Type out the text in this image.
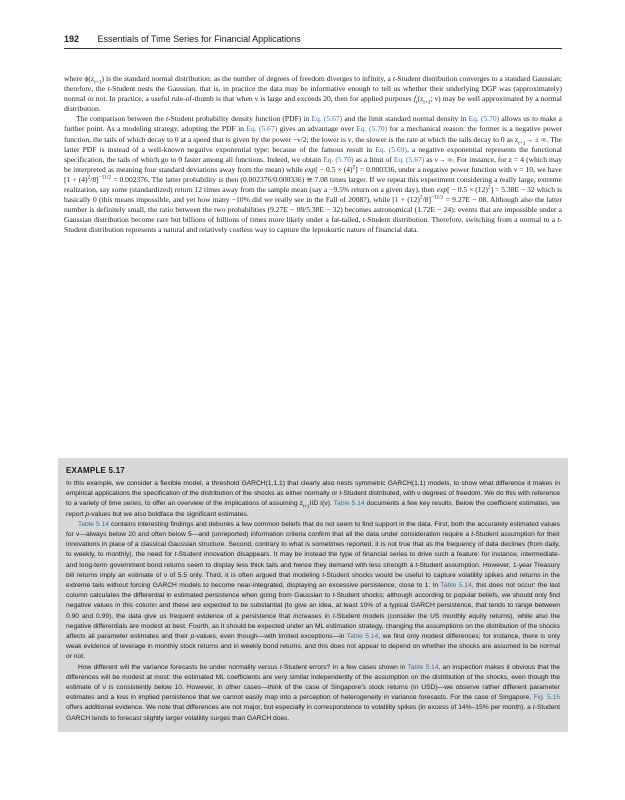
192 Essentials of Time Series for Financial Applications

where $\phi(z_{t+1})$ is the standard normal distribution: as the number of degrees of freedom diverges to infinity, a t-Student distribution converges to a standard Gaussian; therefore, the t-Student nests the Gaussian, that is, in practice the data may be informative enough to tell us whether their underlying DGP was (approximately) normal or not. In practice, a useful rule-of-thumb is that when ν is large and exceeds 20, then for applied purposes $f_t(z_{t+1}$; ν) may be well approximated by a normal distribution.

The comparison between the t-Student probability density function (PDF) in Eq. (5.67) and the limit standard normal density in Eq. (5.70) allows us to make a further point. As a modeling strategy, adopting the PDF in Eq. (5.67) gives an advantage over Eq. (5.70) for a mechanical reason: the former is a negative power function, the tails of which decay to 0 at a speed that is given by the power −ν/2; the lower is ν, the slower is the rate at which the tails decay to 0 as $z_{t+1}\to$ ± ∞. The latter PDF is instead of a well-known negative exponential type: because of the famous result in Eq. (5.69), a negative exponential represents the functional specification, the tails of which go to 0 faster among all functions. Indeed, we obtain Eq. (5.70) as a limit of Eq. (5.67) as ν→ ∞. For instance, for z = 4 (which may be interpreted as meaning four standard deviations away from the mean) while $\exp[ - 0.5 \times (4)^2] = 0.000336$, under a negative power function with ν = 10, we have $[1 + (4)^2/8]^{-11/2} = 0.002376$. The latter probability is then (0.002376/0.000336) ≅ 7.08 times larger. If we repeat this experiment considering a really large, extreme realization, say some (standardized) return 12 times away from the sample mean (say a −9.5% return on a given day), then $\exp[ - 0.5 \times (12)^2] = 5.38E - 32$ which is basically 0 (this means impossible, and yet how many −10% did we really see in the Fall of 2008?), while $[1 + (12)^2/8]^{-11/2} = 9.27E - 08$. Although also the latter number is definitely small, the ratio between the two probabilities (9.27E − 08/5.38E − 32) becomes astronomical (1.72E − 24): events that are impossible under a Gaussian distribution become rare but billions of billions of times more likely under a fat-tailed, t-Student distribution. Therefore, switching from a normal to a t-Student distribution represents a natural and relatively costless way to capture the leptokurtic nature of financial data.

EXAMPLE 5.17

In this example, we consider a flexible model, a threshold GARCH(1,1,1) that clearly also nests symmetric GARCH(1,1) models, to show what difference it makes in empirical applications the specification of the distribution of the shocks as either normally or t-Student distributed, with ν degrees of freedom. We do this with reference to a variety of time series, to offer an overview of the implications of assuming $z_{t+1}IID$ t(ν). Table 5.14 documents a few key results. Below the coefficient estimates, we report p-values but we also boldface the significant estimates.

Table 5.14 contains interesting findings and debunks a few common beliefs that do not seem to find support in the data. First, both the accurately estimated values for ν—always below 20 and often below 5—and (unreported) information criteria confirm that all the data under consideration require a t-Student assumption for their innovations in place of a classical Gaussian structure. Second, contrary to what is sometimes reported, it is not true that as the frequency of data declines (from daily, to weekly, to monthly), the need for t-Student innovation disappears. It may be instead the type of financial series to drive such a feature: for instance, intermediate- and long-term government bond returns seem to display less thick tails and hence they demand with less strength a t-Student assumption. However, 1-year Treasury bill returns imply an estimate of ν of 5.5 only. Third, it is often argued that modeling t-Student shocks would be useful to capture volatility spikes and returns in the extreme tails without forcing GARCH models to become near-integrated, displaying an excessive persistence, close to 1. In Table 5.14, this does not occur: the last column calculates the differential in estimated persistence when going from Gaussian to t-Student shocks; although according to popular beliefs, we should only find negative values in this column and these are expected to be substantial (to give an idea, at least 10% of a typical GARCH persistence, that tends to range between 0.90 and 0.99), the data give us frequent evidence of a persistence that increases in t-Student models (consider the US monthly equity returns), while also the negative differentials are modest at best. Fourth, as it should be expected under an ML estimation strategy, changing the assumptions on the distribution of the shocks affects all parameter estimates and their p-values, even though—with limited exceptions—in Table 5.14, we find only modest differences; for instance, there is only weak evidence of leverage in monthly stock returns and in weekly bond returns, and this does not appear to depend on whether the shocks are assumed to be normal or not.

How different will the variance forecasts be under normality versus t-Student errors? In a few cases shown in Table 5.14, an inspection makes it obvious that the differences will be modest at most: the estimated ML coefficients are very similar independently of the assumption on the distribution of the shocks, even though the estimate of ν is consistently below 10. However, in other cases—think of the case of Singapore’s stock returns (in USD)—we observe rather different parameter estimates and a loss in implied persistence that we cannot easily map into a perception of heterogeneity in variance forecasts. For the case of Singapore, Fig. 5.15 offers additional evidence. We note that differences are not major, but especially in correspondence to volatility spikes (in excess of 14%–15% per month), a t-Student GARCH tends to forecast slightly larger volatility surges than GARCH does.
